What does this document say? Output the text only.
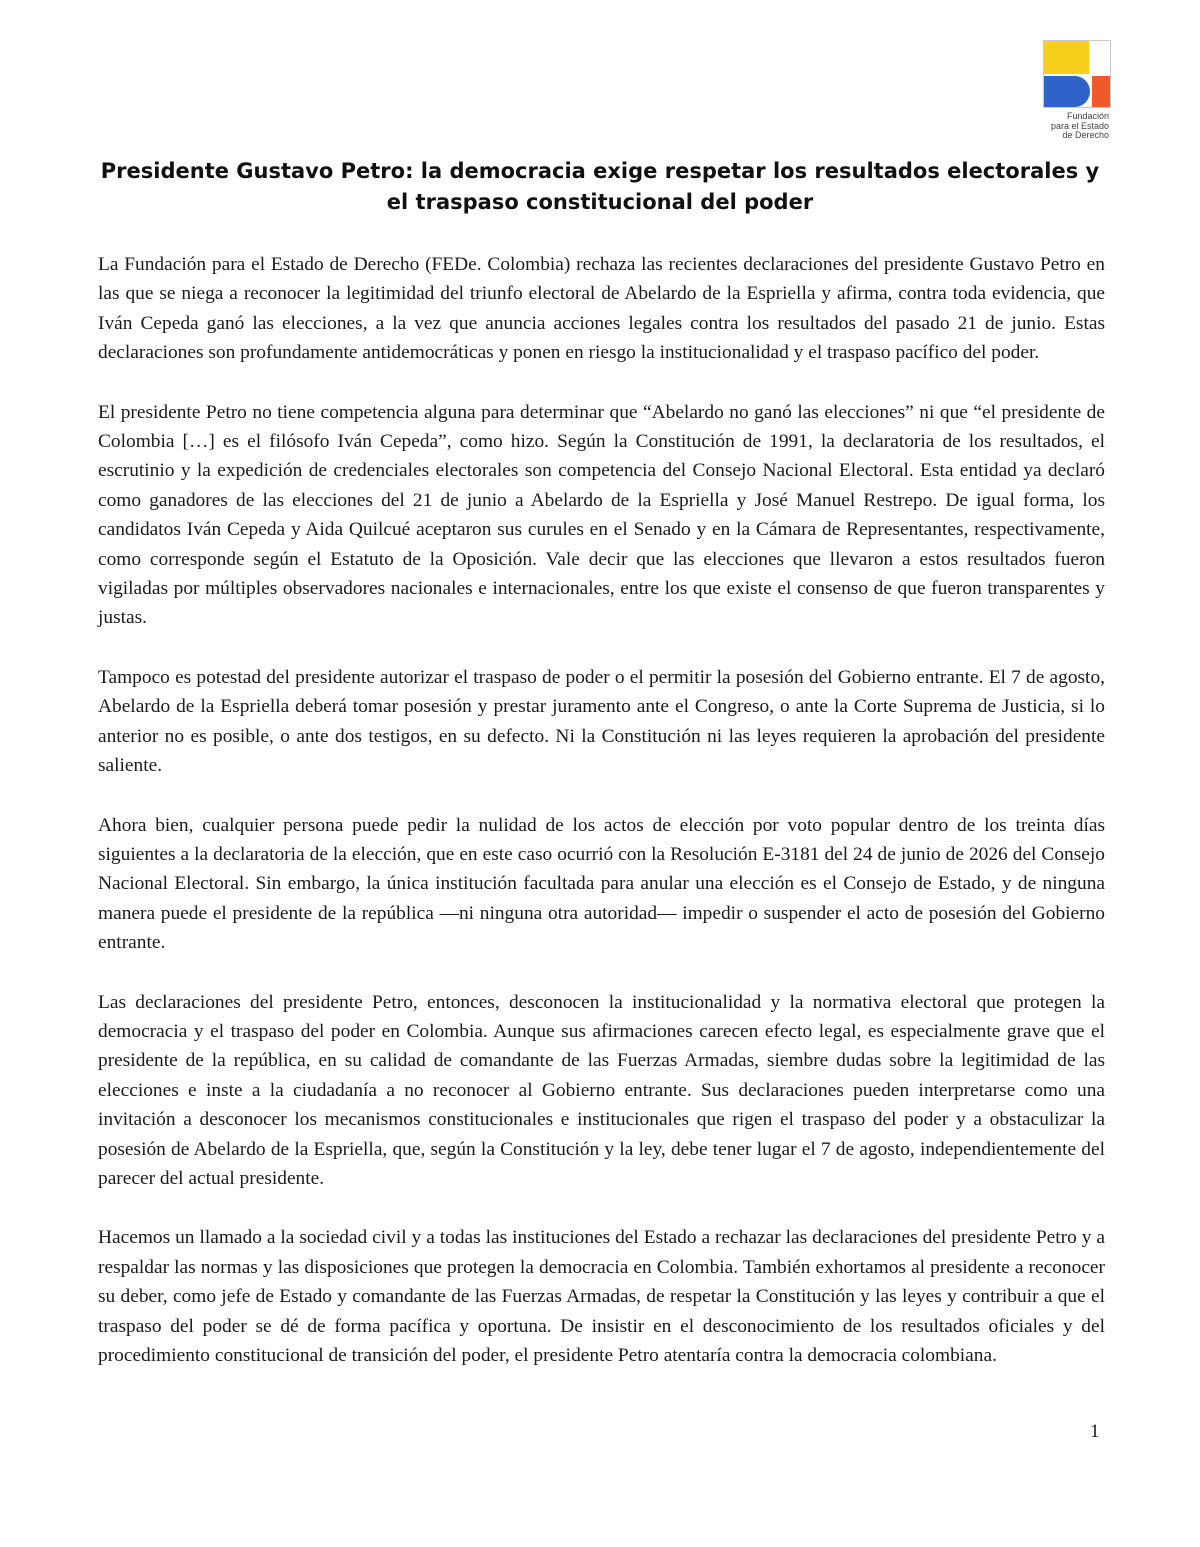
Fundación
para el Estado
de Derecho
Presidente Gustavo Petro: la democracia exige respetar los resultados electorales y el traspaso constitucional del poder

La Fundación para el Estado de Derecho (FEDe. Colombia) rechaza las recientes declaraciones del presidente Gustavo Petro en las que se niega a reconocer la legitimidad del triunfo electoral de Abelardo de la Espriella y afirma, contra toda evidencia, que Iván Cepeda ganó las elecciones, a la vez que anuncia acciones legales contra los resultados del pasado 21 de junio. Estas declaraciones son profundamente antidemocráticas y ponen en riesgo la institucionalidad y el traspaso pacífico del poder.

El presidente Petro no tiene competencia alguna para determinar que “Abelardo no ganó las elecciones” ni que “el presidente de Colombia […] es el filósofo Iván Cepeda”, como hizo. Según la Constitución de 1991, la declaratoria de los resultados, el escrutinio y la expedición de credenciales electorales son competencia del Consejo Nacional Electoral. Esta entidad ya declaró como ganadores de las elecciones del 21 de junio a Abelardo de la Espriella y José Manuel Restrepo. De igual forma, los candidatos Iván Cepeda y Aida Quilcué aceptaron sus curules en el Senado y en la Cámara de Representantes, respectivamente, como corresponde según el Estatuto de la Oposición. Vale decir que las elecciones que llevaron a estos resultados fueron vigiladas por múltiples observadores nacionales e internacionales, entre los que existe el consenso de que fueron transparentes y justas.

Tampoco es potestad del presidente autorizar el traspaso de poder o el permitir la posesión del Gobierno entrante. El 7 de agosto, Abelardo de la Espriella deberá tomar posesión y prestar juramento ante el Congreso, o ante la Corte Suprema de Justicia, si lo anterior no es posible, o ante dos testigos, en su defecto. Ni la Constitución ni las leyes requieren la aprobación del presidente saliente.

Ahora bien, cualquier persona puede pedir la nulidad de los actos de elección por voto popular dentro de los treinta días siguientes a la declaratoria de la elección, que en este caso ocurrió con la Resolución E-3181 del 24 de junio de 2026 del Consejo Nacional Electoral. Sin embargo, la única institución facultada para anular una elección es el Consejo de Estado, y de ninguna manera puede el presidente de la república —ni ninguna otra autoridad— impedir o suspender el acto de posesión del Gobierno entrante.

Las declaraciones del presidente Petro, entonces, desconocen la institucionalidad y la normativa electoral que protegen la democracia y el traspaso del poder en Colombia. Aunque sus afirmaciones carecen efecto legal, es especialmente grave que el presidente de la república, en su calidad de comandante de las Fuerzas Armadas, siembre dudas sobre la legitimidad de las elecciones e inste a la ciudadanía a no reconocer al Gobierno entrante. Sus declaraciones pueden interpretarse como una invitación a desconocer los mecanismos constitucionales e institucionales que rigen el traspaso del poder y a obstaculizar la posesión de Abelardo de la Espriella, que, según la Constitución y la ley, debe tener lugar el 7 de agosto, independientemente del parecer del actual presidente.

Hacemos un llamado a la sociedad civil y a todas las instituciones del Estado a rechazar las declaraciones del presidente Petro y a respaldar las normas y las disposiciones que protegen la democracia en Colombia. También exhortamos al presidente a reconocer su deber, como jefe de Estado y comandante de las Fuerzas Armadas, de respetar la Constitución y las leyes y contribuir a que el traspaso del poder se dé de forma pacífica y oportuna. De insistir en el desconocimiento de los resultados oficiales y del procedimiento constitucional de transición del poder, el presidente Petro atentaría contra la democracia colombiana.

1
